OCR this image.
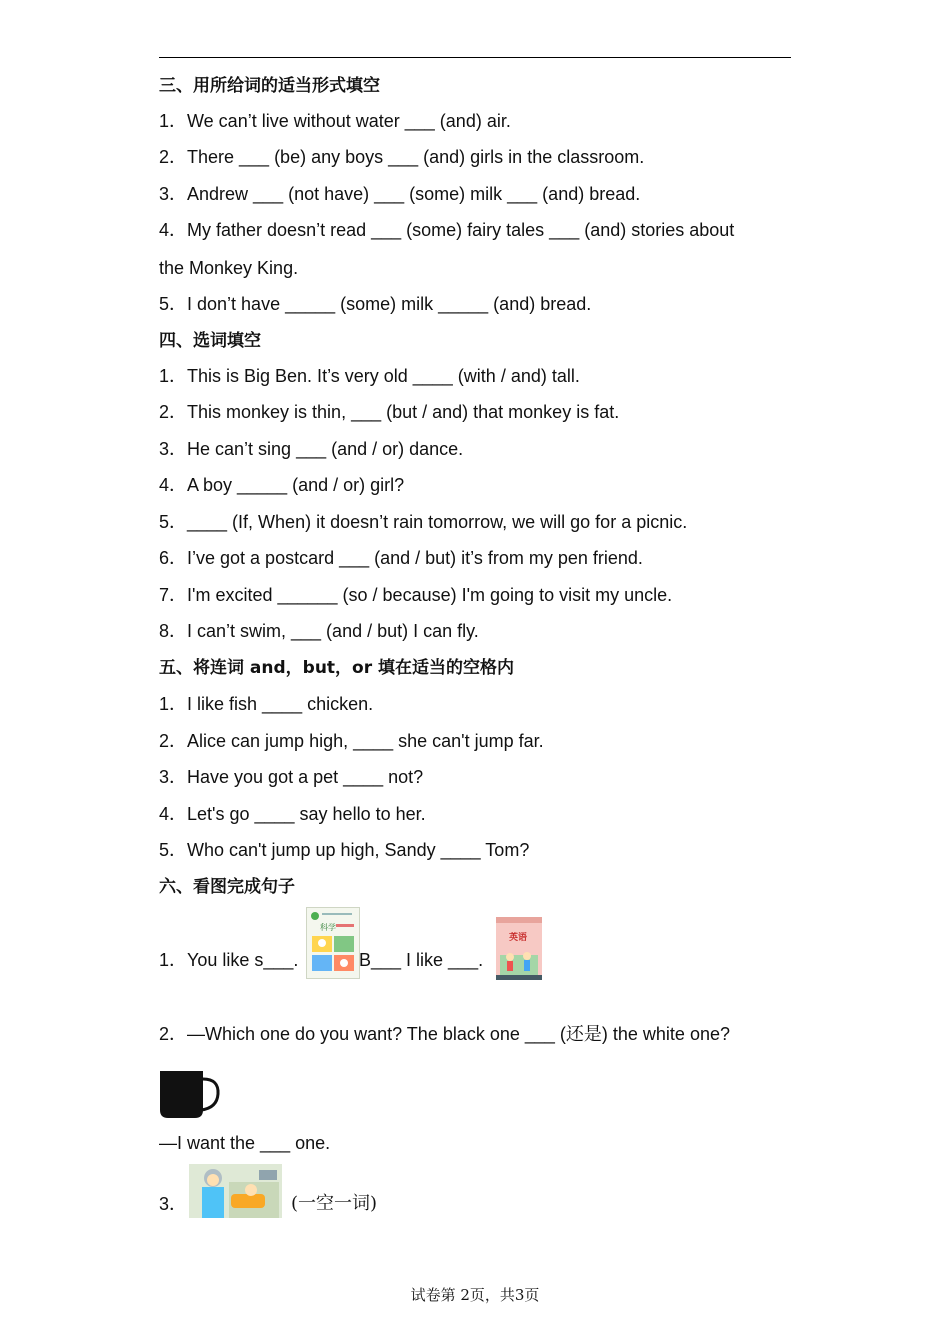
三、用所给词的适当形式填空
1．We can’t live without water ___ (and) air.
2．There ___ (be) any boys ___ (and) girls in the classroom.
3．Andrew ___ (not have) ___ (some) milk ___ (and) bread.
4．My father doesn’t read ___ (some) fairy tales ___ (and) stories about
the Monkey King.
5．I don’t have _____ (some) milk _____ (and) bread.
四、选词填空
1．This is Big Ben. It’s very old ____ (with / and) tall.
2．This monkey is thin, ___ (but / and) that monkey is fat.
3．He can’t sing ___ (and / or) dance.
4．A boy _____ (and / or) girl?
5．____ (If, When) it doesn’t rain tomorrow, we will go for a picnic.
6．I’ve got a postcard ___ (and / but) it’s from my pen friend.
7．I'm excited ______ (so / because) I'm going to visit my uncle.
8．I can’t swim, ___ (and / but) I can fly.
五、将连词 and，but，or 填在适当的空格内
1．I like fish ____ chicken.
2．Alice can jump high, ____ she can't jump far.
3．Have you got a pet ____ not?
4．Let's go ____ say hello to her.
5．Who can't jump up high, Sandy ____ Tom?
六、看图完成句子
1．You like s___.
科学
B___ I like ___.
英语
2．—Which one do you want? The black one ___ (还是) the white one?
—I want the ___ one.
3．	(一空一词)
试卷第 2页，共3页
